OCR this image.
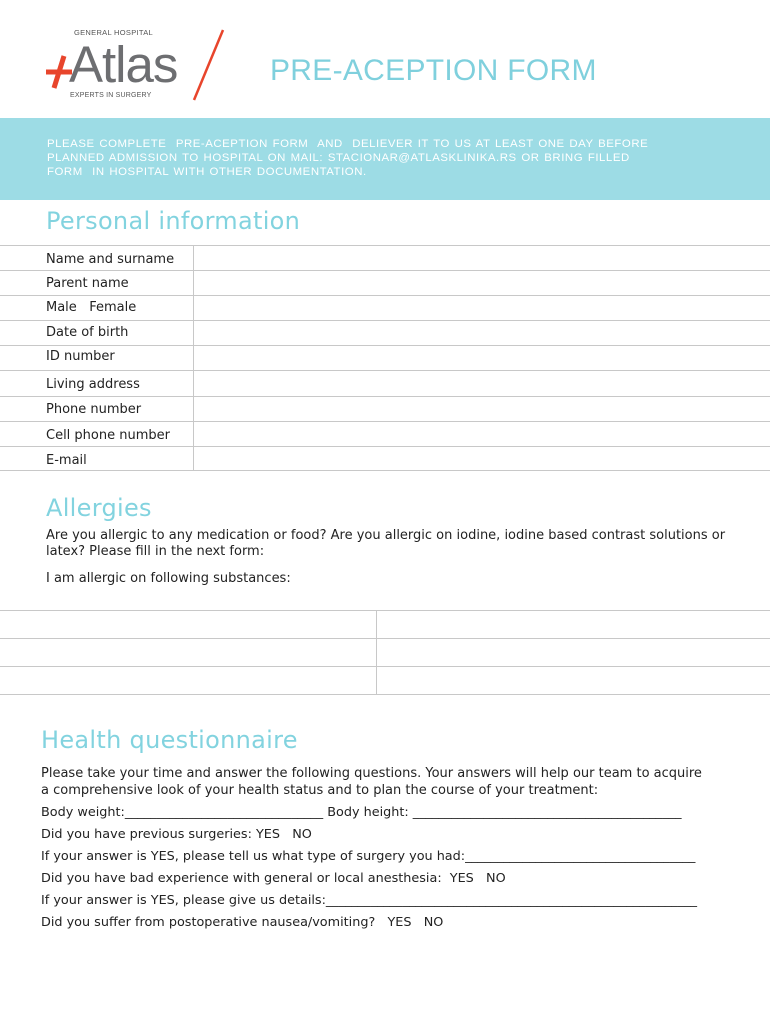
GENERAL HOSPITAL
Atlas
EXPERTS IN SURGERY
PRE-ACEPTION FORM
PLEASE COMPLETE  PRE-ACEPTION FORM  AND  DELIEVER IT TO US AT LEAST ONE DAY BEFORE
PLANNED ADMISSION TO HOSPITAL ON MAIL: STACIONAR@ATLASKLINIKA.RS OR BRING FILLED
FORM  IN HOSPITAL WITH OTHER DOCUMENTATION.
Personal information
Name and surname
Parent name
Male   Female
Date of birth
ID number
Living address
Phone number
Cell phone number
E-mail
Allergies
Are you allergic to any medication or food? Are you allergic on iodine, iodine based contrast solutions or
latex? Please fill in the next form:
I am allergic on following substances:
Health questionnaire
Please take your time and answer the following questions. Your answers will help our team to acquire
a comprehensive look of your health status and to plan the course of your treatment:
Body weight:_______________________________ Body height: __________________________________________
Did you have previous surgeries: YES   NO
If your answer is YES, please tell us what type of surgery you had:____________________________________
Did you have bad experience with general or local anesthesia:  YES   NO
If your answer is YES, please give us details:__________________________________________________________
Did you suffer from postoperative nausea/vomiting?   YES   NO
